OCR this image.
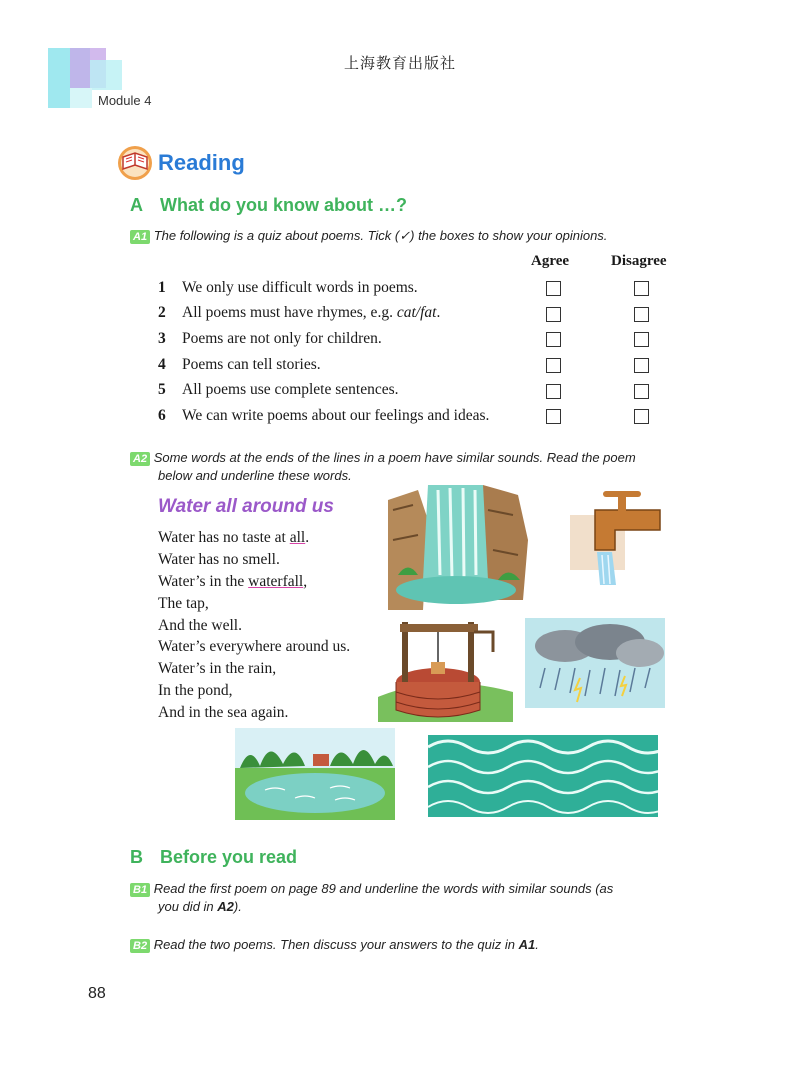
上海教育出版社
Module 4
Reading
A What do you know about …?
A1 The following is a quiz about poems. Tick (✓) the boxes to show your opinions.
Agree	Disagree
1	We only use difficult words in poems.
2	All poems must have rhymes, e.g. cat/fat.
3	Poems are not only for children.
4	Poems can tell stories.
5	All poems use complete sentences.
6	We can write poems about our feelings and ideas.
A2 Some words at the ends of the lines in a poem have similar sounds. Read the poem
below and underline these words.
Water all around us
Water has no taste at all.
Water has no smell.
Water’s in the waterfall,
The tap,
And the well.
Water’s everywhere around us.
Water’s in the rain,
In the pond,
And in the sea again.
B Before you read
B1 Read the first poem on page 89 and underline the words with similar sounds (as
you did in A2).
B2 Read the two poems. Then discuss your answers to the quiz in A1.
88
